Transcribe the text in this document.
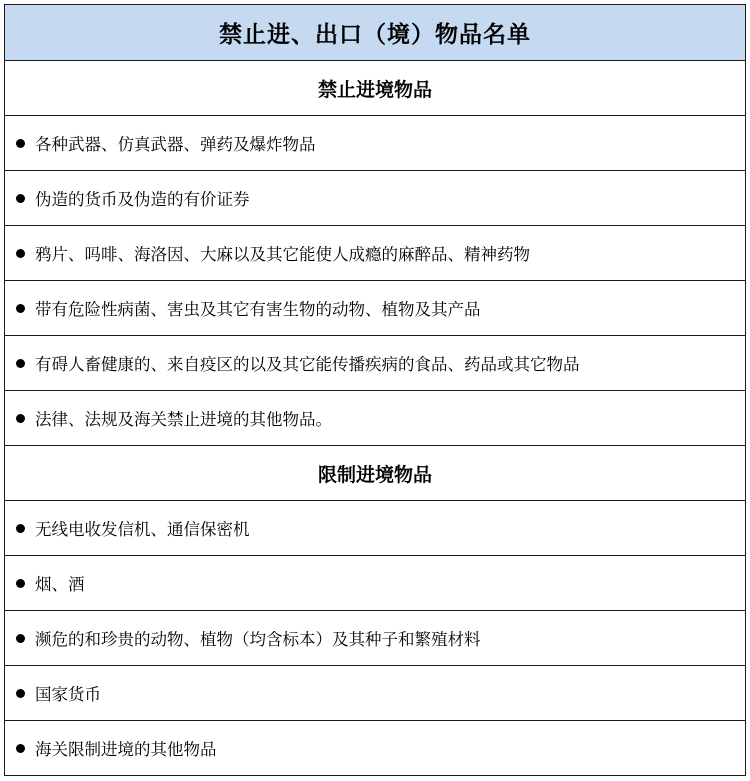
禁止进、出口（境）物品名单
禁止进境物品

各种武器、仿真武器、弹药及爆炸物品

伪造的货币及伪造的有价证券

鸦片、吗啡、海洛因、大麻以及其它能使人成瘾的麻醉品、精神药物

带有危险性病菌、害虫及其它有害生物的动物、植物及其产品

有碍人畜健康的、来自疫区的以及其它能传播疾病的食品、药品或其它物品

法律、法规及海关禁止进境的其他物品。

限制进境物品

无线电收发信机、通信保密机

烟、酒

濒危的和珍贵的动物、植物（均含标本）及其种子和繁殖材料

国家货币

海关限制进境的其他物品
